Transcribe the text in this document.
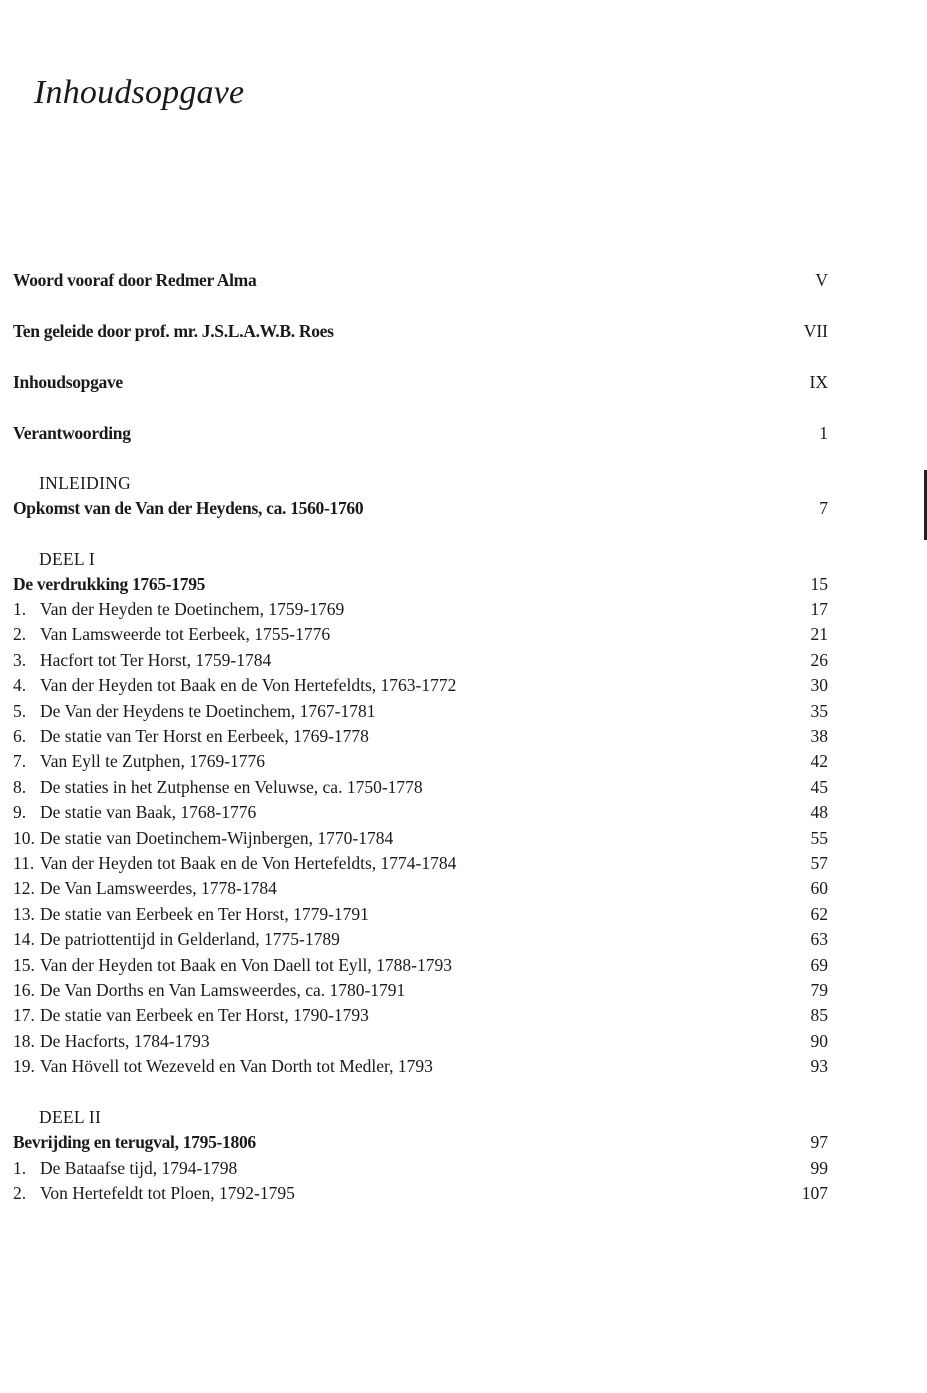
Inhoudsopgave
Woord vooraf door Redmer Alma	V
Ten geleide door prof. mr. J.S.L.A.W.B. Roes	VII
Inhoudsopgave	IX
Verantwoording	1
INLEIDING
Opkomst van de Van der Heydens, ca. 1560-1760	7
DEEL I
De verdrukking 1765-1795	15
1. Van der Heyden te Doetinchem, 1759-1769	17
2. Van Lamsweerde tot Eerbeek, 1755-1776	21
3. Hacfort tot Ter Horst, 1759-1784	26
4. Van der Heyden tot Baak en de Von Hertefeldts, 1763-1772	30
5. De Van der Heydens te Doetinchem, 1767-1781	35
6. De statie van Ter Horst en Eerbeek, 1769-1778	38
7. Van Eyll te Zutphen, 1769-1776	42
8. De staties in het Zutphense en Veluwse, ca. 1750-1778	45
9. De statie van Baak, 1768-1776	48
10. De statie van Doetinchem-Wijnbergen, 1770-1784	55
11. Van der Heyden tot Baak en de Von Hertefeldts, 1774-1784	57
12. De Van Lamsweerdes, 1778-1784	60
13. De statie van Eerbeek en Ter Horst, 1779-1791	62
14. De patriottentijd in Gelderland, 1775-1789	63
15. Van der Heyden tot Baak en Von Daell tot Eyll, 1788-1793	69
16. De Van Dorths en Van Lamsweerdes, ca. 1780-1791	79
17. De statie van Eerbeek en Ter Horst, 1790-1793	85
18. De Hacforts, 1784-1793	90
19. Van Hövell tot Wezeveld en Van Dorth tot Medler, 1793	93
DEEL II
Bevrijding en terugval, 1795-1806	97
1. De Bataafse tijd, 1794-1798	99
2. Von Hertefeldt tot Ploen, 1792-1795	107
